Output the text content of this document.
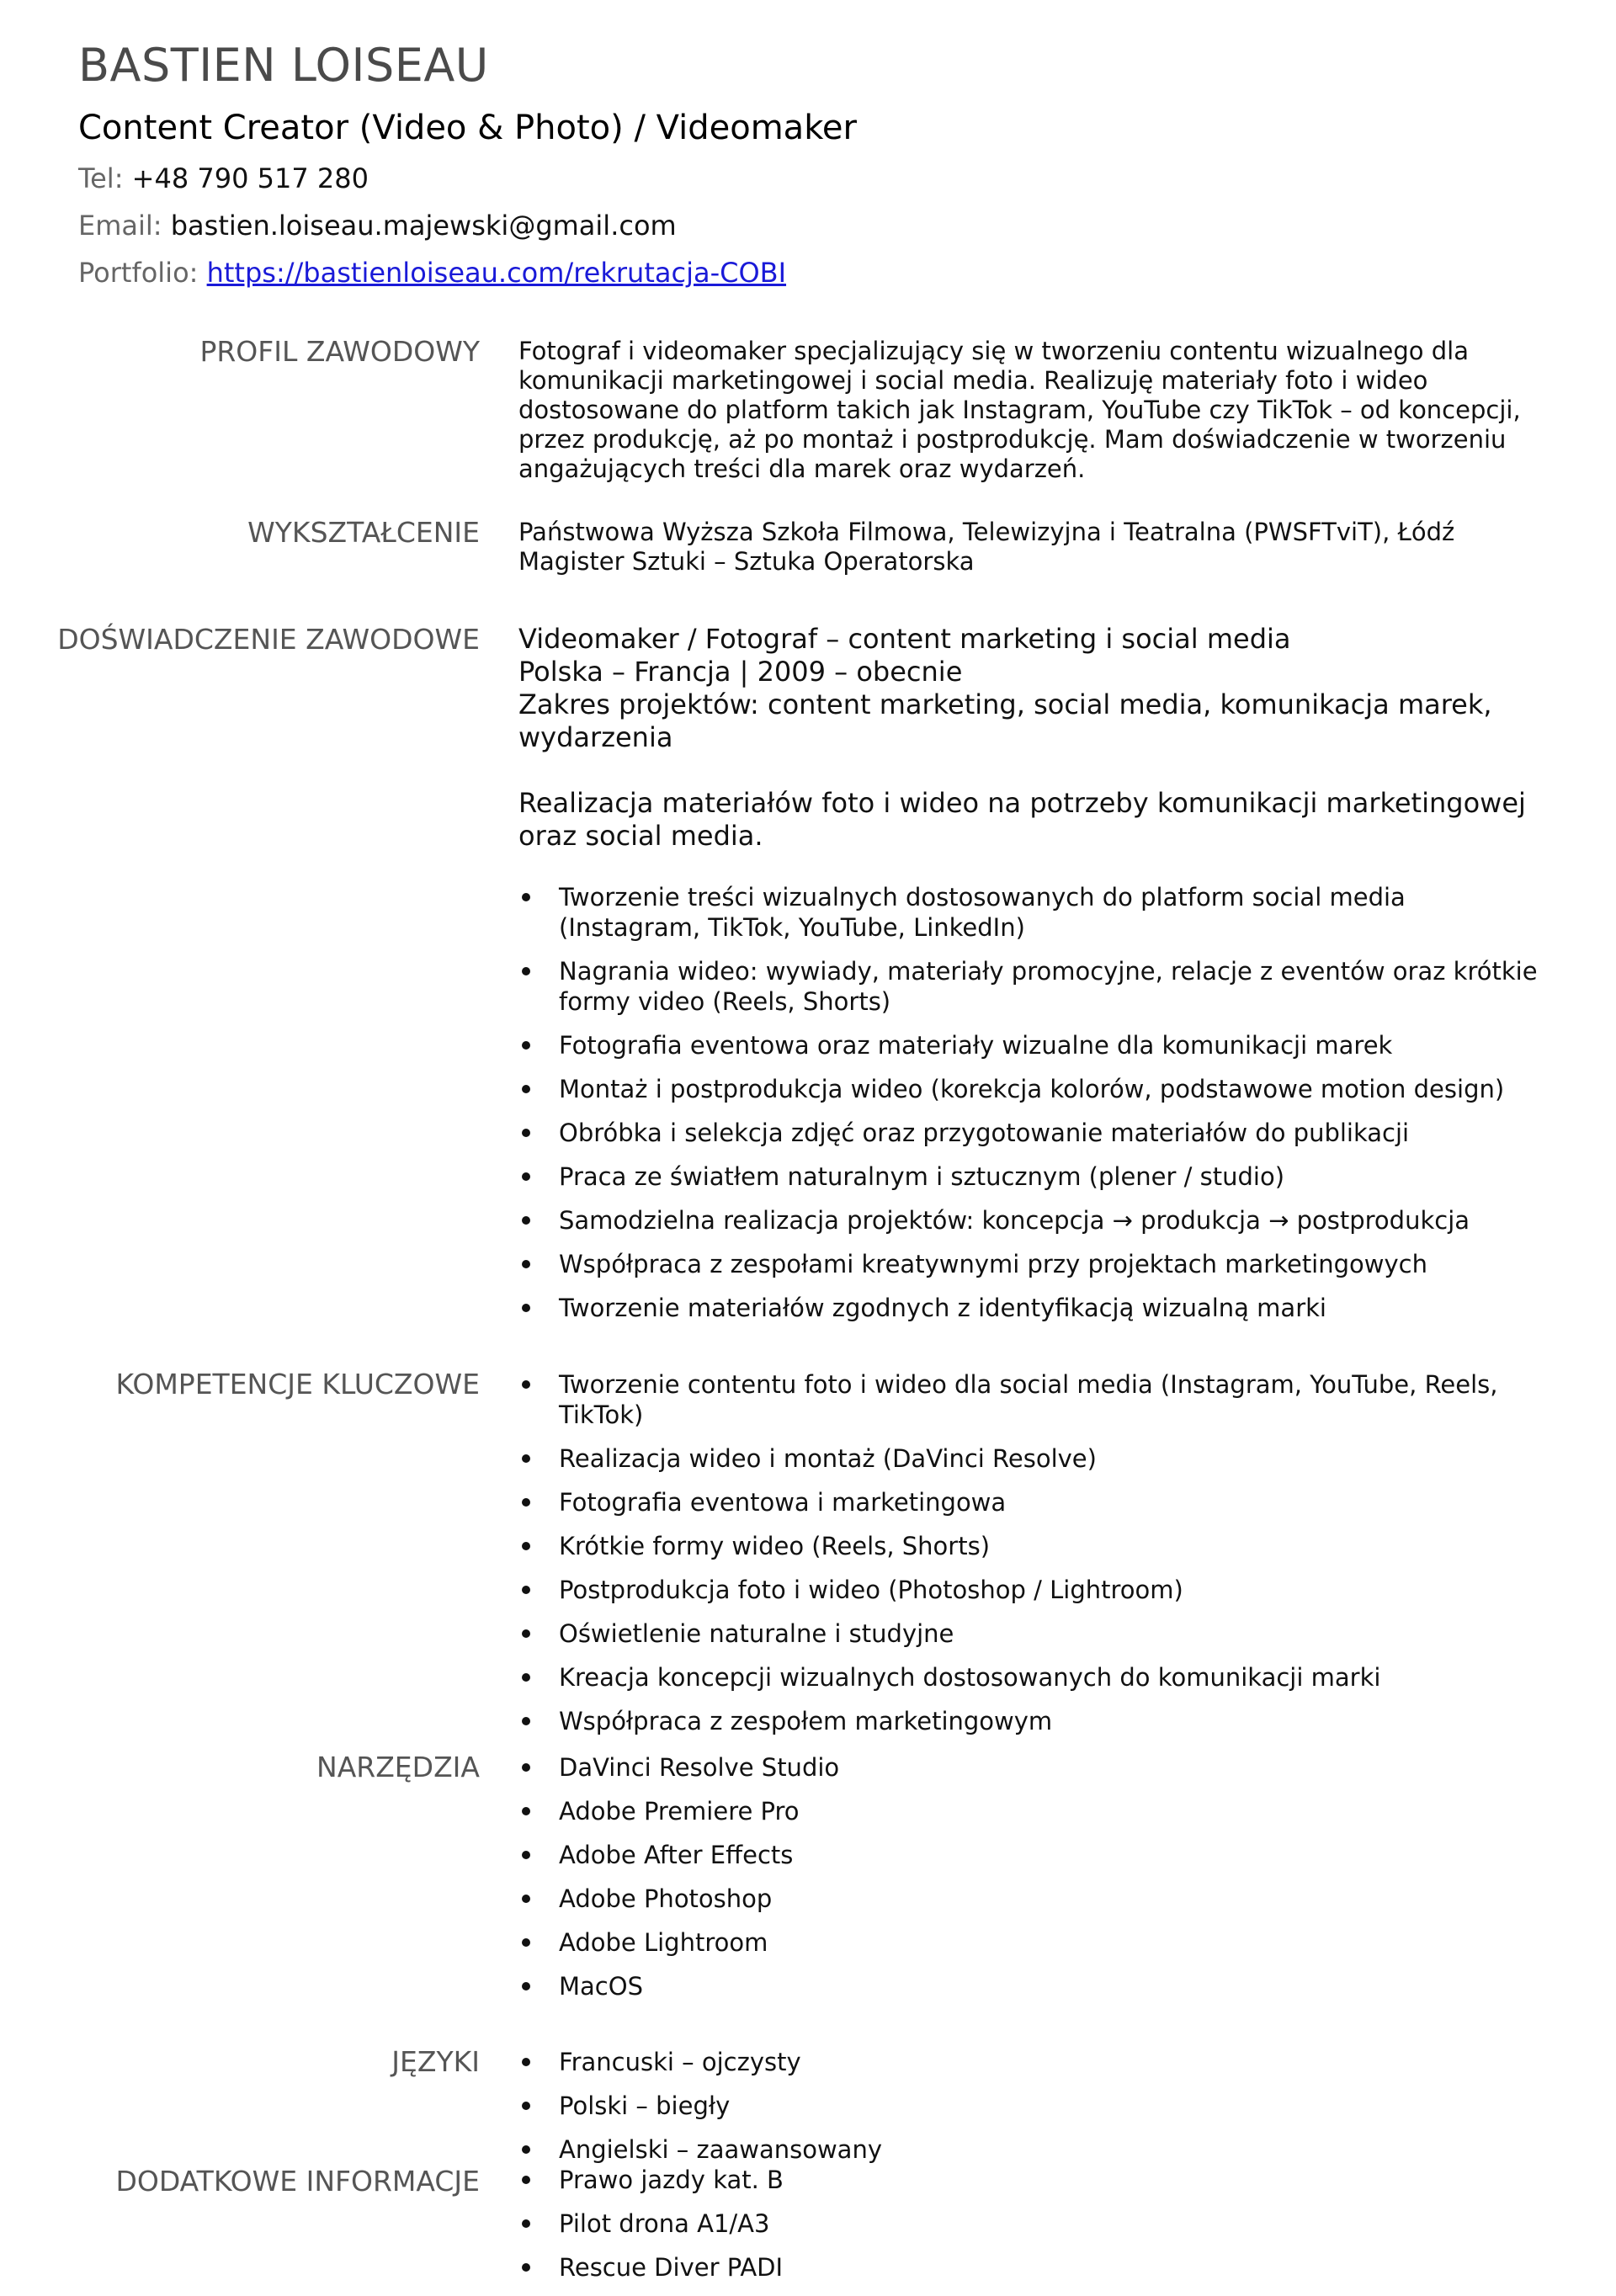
BASTIEN LOISEAU
Content Creator (Video & Photo) / Videomaker
Tel: +48 790 517 280
Email: bastien.loiseau.majewski@gmail.com
Portfolio: https://bastienloiseau.com/rekrutacja-COBI
PROFIL ZAWODOWY Fotograf i videomaker specjalizujący się w tworzeniu contentu wizualnego dla komunikacji marketingowej i social media. Realizuję materiały foto i wideo dostosowane do platform takich jak Instagram, YouTube czy TikTok – od koncepcji, przez produkcję, aż po montaż i postprodukcję. Mam doświadczenie w tworzeniu angażujących treści dla marek oraz wydarzeń.

WYKSZTAŁCENIE Państwowa Wyższa Szkoła Filmowa, Telewizyjna i Teatralna (PWSFTviT), Łódź

Magister Sztuki – Sztuka Operatorska

DOŚWIADCZENIE ZAWODOWE Videomaker / Fotograf – content marketing i social media

Polska – Francja | 2009 – obecnie

Zakres projektów: content marketing, social media, komunikacja marek, wydarzenia

Realizacja materiałów foto i wideo na potrzeby komunikacji marketingowej oraz social media.

Tworzenie treści wizualnych dostosowanych do platform social media (Instagram, TikTok, YouTube, LinkedIn)
Nagrania wideo: wywiady, materiały promocyjne, relacje z eventów oraz krótkie formy video (Reels, Shorts)
Fotografia eventowa oraz materiały wizualne dla komunikacji marek
Montaż i postprodukcja wideo (korekcja kolorów, podstawowe motion design)
Obróbka i selekcja zdjęć oraz przygotowanie materiałów do publikacji
Praca ze światłem naturalnym i sztucznym (plener / studio)
Samodzielna realizacja projektów: koncepcja → produkcja → postprodukcja
Współpraca z zespołami kreatywnymi przy projektach marketingowych
Tworzenie materiałów zgodnych z identyfikacją wizualną marki
KOMPETENCJE KLUCZOWE	Tworzenie contentu foto i wideo dla social media (Instagram, YouTube, Reels, TikTok)
Realizacja wideo i montaż (DaVinci Resolve)
Fotografia eventowa i marketingowa
Krótkie formy wideo (Reels, Shorts)
Postprodukcja foto i wideo (Photoshop / Lightroom)
Oświetlenie naturalne i studyjne
Kreacja koncepcji wizualnych dostosowanych do komunikacji marki
Współpraca z zespołem marketingowym
NARZĘDZIA	DaVinci Resolve Studio
Adobe Premiere Pro
Adobe After Effects
Adobe Photoshop
Adobe Lightroom
MacOS
JĘZYKI	Francuski – ojczysty
Polski – biegły
Angielski – zaawansowany
DODATKOWE INFORMACJE	Prawo jazdy kat. B
Pilot drona A1/A3
Rescue Diver PADI
